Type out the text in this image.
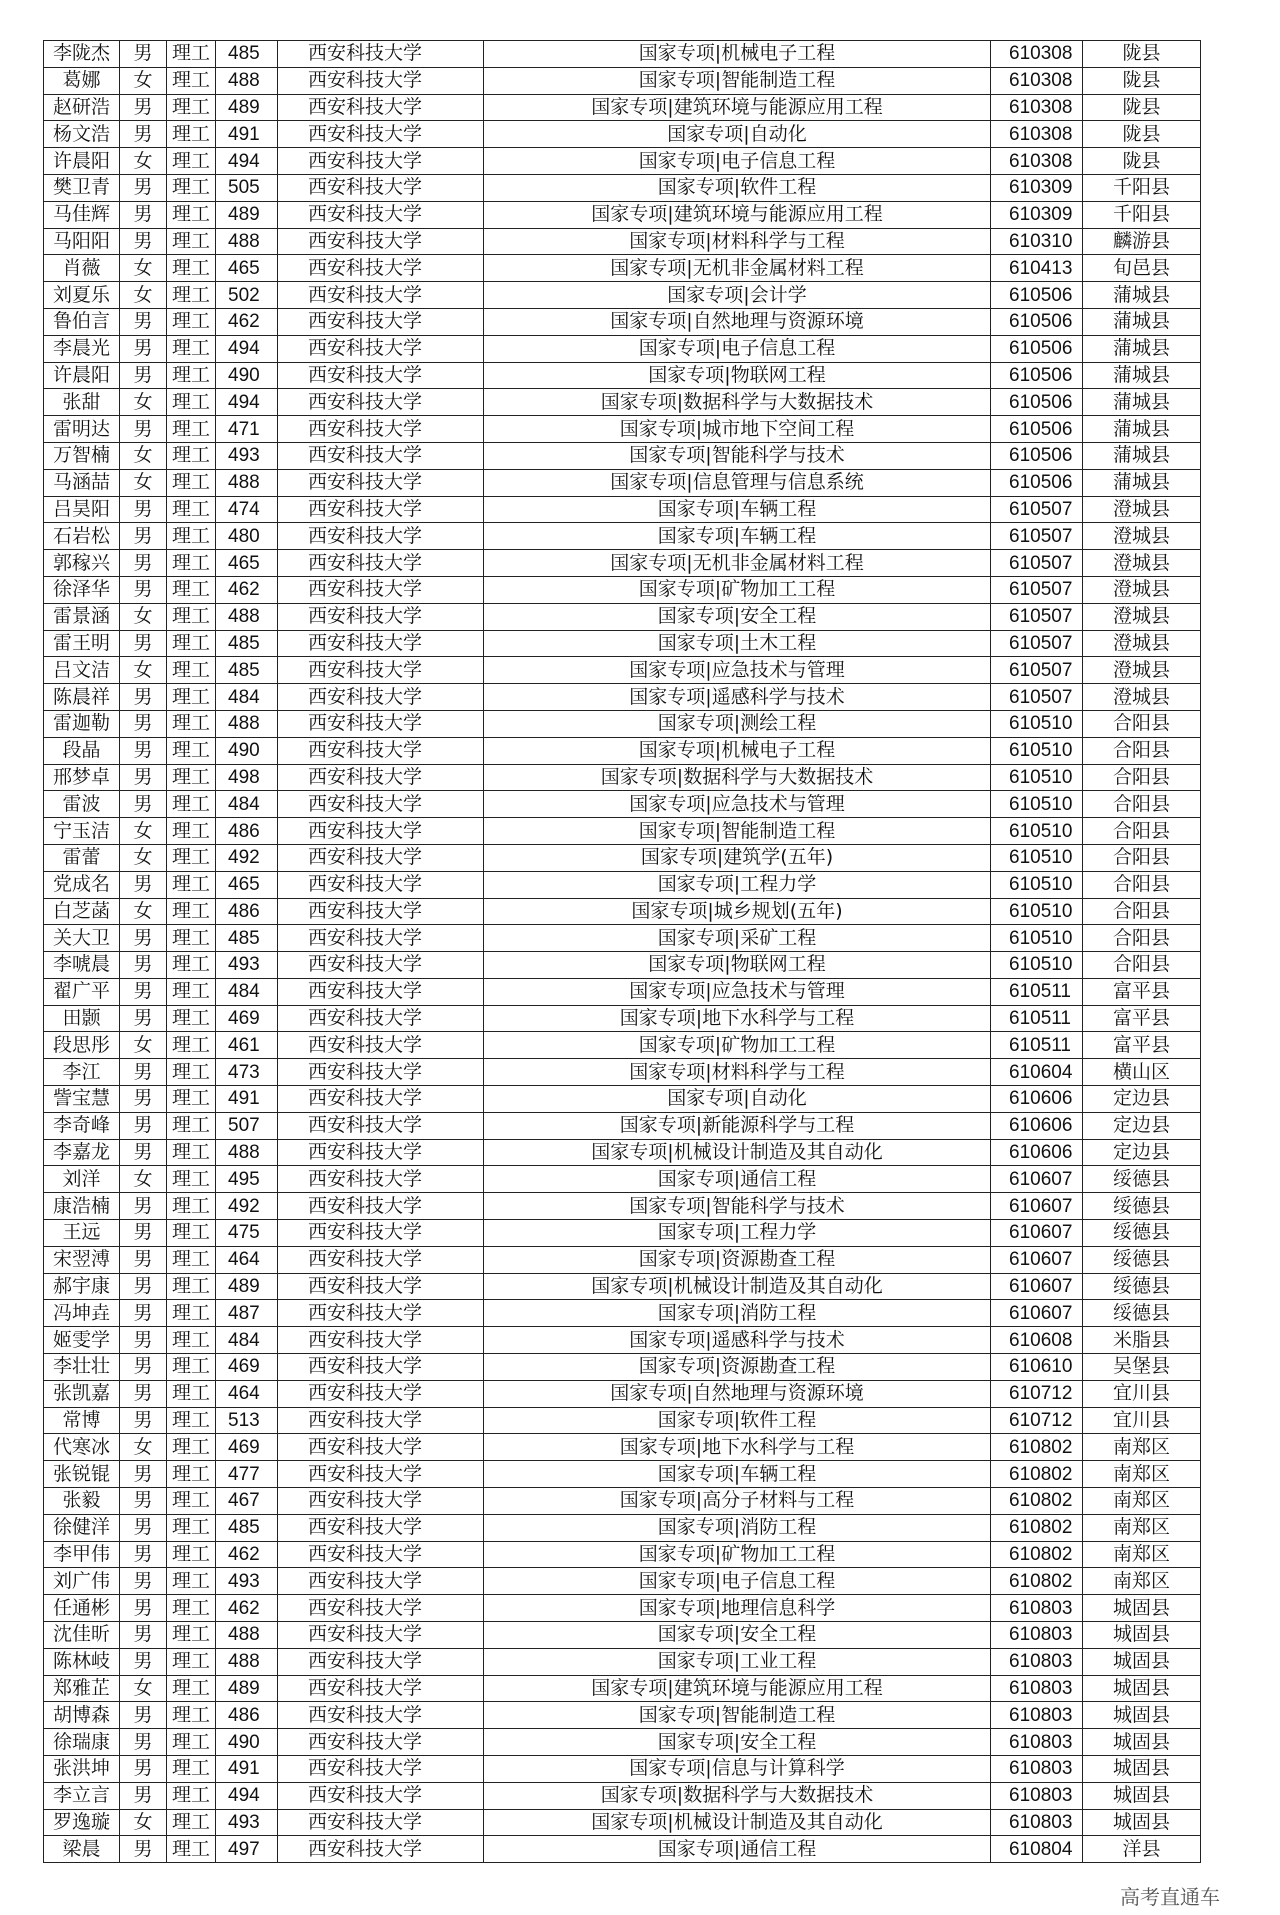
李陇杰	男	理工	485	西安科技大学	国家专项|机械电子工程	610308	陇县
葛娜	女	理工	488	西安科技大学	国家专项|智能制造工程	610308	陇县
赵研浩	男	理工	489	西安科技大学	国家专项|建筑环境与能源应用工程	610308	陇县
杨文浩	男	理工	491	西安科技大学	国家专项|自动化	610308	陇县
许晨阳	女	理工	494	西安科技大学	国家专项|电子信息工程	610308	陇县
樊卫青	男	理工	505	西安科技大学	国家专项|软件工程	610309	千阳县
马佳辉	男	理工	489	西安科技大学	国家专项|建筑环境与能源应用工程	610309	千阳县
马阳阳	男	理工	488	西安科技大学	国家专项|材料科学与工程	610310	麟游县
肖薇	女	理工	465	西安科技大学	国家专项|无机非金属材料工程	610413	旬邑县
刘夏乐	女	理工	502	西安科技大学	国家专项|会计学	610506	蒲城县
鲁伯言	男	理工	462	西安科技大学	国家专项|自然地理与资源环境	610506	蒲城县
李晨光	男	理工	494	西安科技大学	国家专项|电子信息工程	610506	蒲城县
许晨阳	男	理工	490	西安科技大学	国家专项|物联网工程	610506	蒲城县
张甜	女	理工	494	西安科技大学	国家专项|数据科学与大数据技术	610506	蒲城县
雷明达	男	理工	471	西安科技大学	国家专项|城市地下空间工程	610506	蒲城县
万智楠	女	理工	493	西安科技大学	国家专项|智能科学与技术	610506	蒲城县
马涵喆	女	理工	488	西安科技大学	国家专项|信息管理与信息系统	610506	蒲城县
吕昊阳	男	理工	474	西安科技大学	国家专项|车辆工程	610507	澄城县
石岩松	男	理工	480	西安科技大学	国家专项|车辆工程	610507	澄城县
郭稼兴	男	理工	465	西安科技大学	国家专项|无机非金属材料工程	610507	澄城县
徐泽华	男	理工	462	西安科技大学	国家专项|矿物加工工程	610507	澄城县
雷景涵	女	理工	488	西安科技大学	国家专项|安全工程	610507	澄城县
雷王明	男	理工	485	西安科技大学	国家专项|土木工程	610507	澄城县
吕文洁	女	理工	485	西安科技大学	国家专项|应急技术与管理	610507	澄城县
陈晨祥	男	理工	484	西安科技大学	国家专项|遥感科学与技术	610507	澄城县
雷迦勒	男	理工	488	西安科技大学	国家专项|测绘工程	610510	合阳县
段晶	男	理工	490	西安科技大学	国家专项|机械电子工程	610510	合阳县
邢梦卓	男	理工	498	西安科技大学	国家专项|数据科学与大数据技术	610510	合阳县
雷波	男	理工	484	西安科技大学	国家专项|应急技术与管理	610510	合阳县
宁玉洁	女	理工	486	西安科技大学	国家专项|智能制造工程	610510	合阳县
雷蕾	女	理工	492	西安科技大学	国家专项|建筑学(五年)	610510	合阳县
党成名	男	理工	465	西安科技大学	国家专项|工程力学	610510	合阳县
白芝菡	女	理工	486	西安科技大学	国家专项|城乡规划(五年)	610510	合阳县
关大卫	男	理工	485	西安科技大学	国家专项|采矿工程	610510	合阳县
李唬晨	男	理工	493	西安科技大学	国家专项|物联网工程	610510	合阳县
翟广平	男	理工	484	西安科技大学	国家专项|应急技术与管理	610511	富平县
田颢	男	理工	469	西安科技大学	国家专项|地下水科学与工程	610511	富平县
段思彤	女	理工	461	西安科技大学	国家专项|矿物加工工程	610511	富平县
李江	男	理工	473	西安科技大学	国家专项|材料科学与工程	610604	横山区
訾宝慧	男	理工	491	西安科技大学	国家专项|自动化	610606	定边县
李奇峰	男	理工	507	西安科技大学	国家专项|新能源科学与工程	610606	定边县
李嘉龙	男	理工	488	西安科技大学	国家专项|机械设计制造及其自动化	610606	定边县
刘洋	女	理工	495	西安科技大学	国家专项|通信工程	610607	绥德县
康浩楠	男	理工	492	西安科技大学	国家专项|智能科学与技术	610607	绥德县
王远	男	理工	475	西安科技大学	国家专项|工程力学	610607	绥德县
宋翌溥	男	理工	464	西安科技大学	国家专项|资源勘查工程	610607	绥德县
郝宇康	男	理工	489	西安科技大学	国家专项|机械设计制造及其自动化	610607	绥德县
冯坤垚	男	理工	487	西安科技大学	国家专项|消防工程	610607	绥德县
姬雯学	男	理工	484	西安科技大学	国家专项|遥感科学与技术	610608	米脂县
李壮壮	男	理工	469	西安科技大学	国家专项|资源勘查工程	610610	吴堡县
张凯嘉	男	理工	464	西安科技大学	国家专项|自然地理与资源环境	610712	宜川县
常博	男	理工	513	西安科技大学	国家专项|软件工程	610712	宜川县
代寒冰	女	理工	469	西安科技大学	国家专项|地下水科学与工程	610802	南郑区
张锐锟	男	理工	477	西安科技大学	国家专项|车辆工程	610802	南郑区
张毅	男	理工	467	西安科技大学	国家专项|高分子材料与工程	610802	南郑区
徐健洋	男	理工	485	西安科技大学	国家专项|消防工程	610802	南郑区
李甲伟	男	理工	462	西安科技大学	国家专项|矿物加工工程	610802	南郑区
刘广伟	男	理工	493	西安科技大学	国家专项|电子信息工程	610802	南郑区
任通彬	男	理工	462	西安科技大学	国家专项|地理信息科学	610803	城固县
沈佳昕	男	理工	488	西安科技大学	国家专项|安全工程	610803	城固县
陈林岐	男	理工	488	西安科技大学	国家专项|工业工程	610803	城固县
郑雅芷	女	理工	489	西安科技大学	国家专项|建筑环境与能源应用工程	610803	城固县
胡博森	男	理工	486	西安科技大学	国家专项|智能制造工程	610803	城固县
徐瑞康	男	理工	490	西安科技大学	国家专项|安全工程	610803	城固县
张洪坤	男	理工	491	西安科技大学	国家专项|信息与计算科学	610803	城固县
李立言	男	理工	494	西安科技大学	国家专项|数据科学与大数据技术	610803	城固县
罗逸璇	女	理工	493	西安科技大学	国家专项|机械设计制造及其自动化	610803	城固县
梁晨	男	理工	497	西安科技大学	国家专项|通信工程	610804	洋县
高考直通车
